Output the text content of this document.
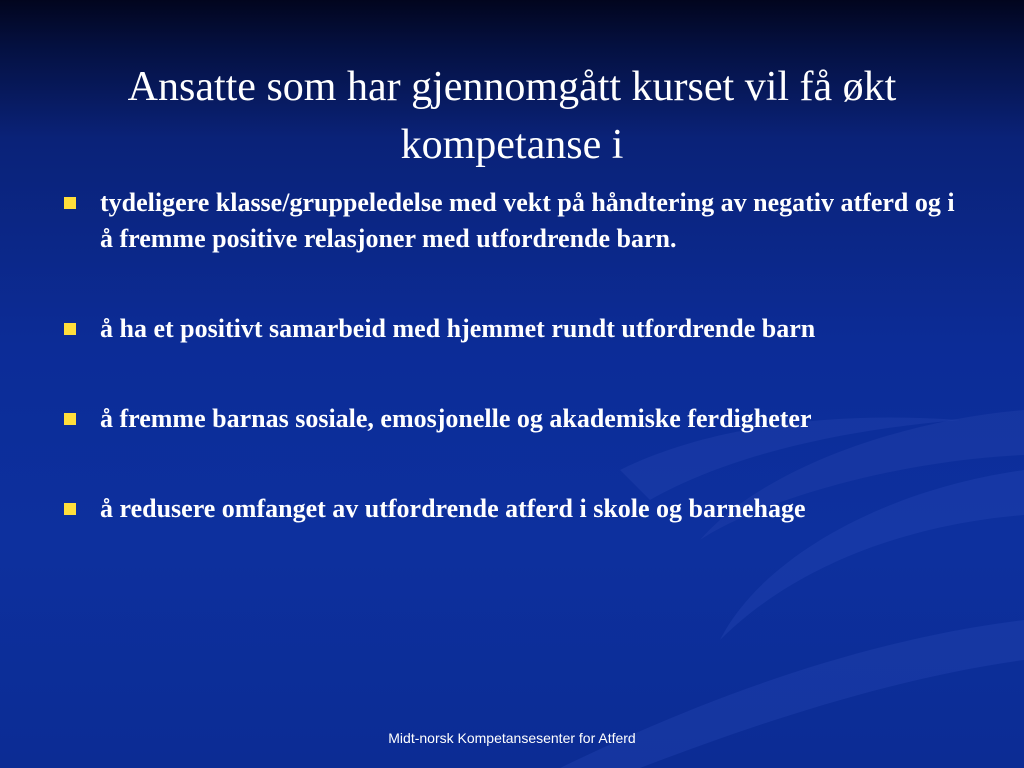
Ansatte som har gjennomgått kurset vil få økt kompetanse i
tydeligere klasse/gruppeledelse med vekt på håndtering av negativ atferd og i å fremme positive relasjoner med utfordrende barn.
å ha et positivt samarbeid med hjemmet rundt utfordrende barn
å fremme barnas sosiale, emosjonelle og akademiske ferdigheter
å redusere omfanget av utfordrende atferd i skole og barnehage
Midt-norsk Kompetansesenter for Atferd
